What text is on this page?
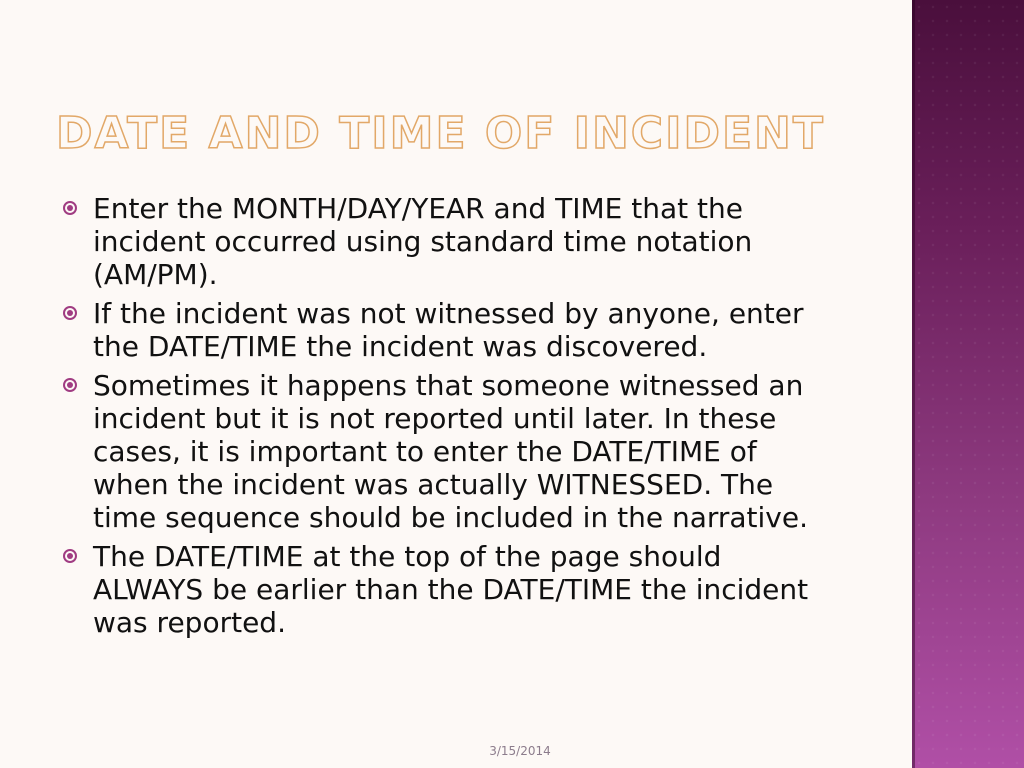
DATE AND TIME OF INCIDENT
Enter the MONTH/DAY/YEAR and TIME that the incident occurred using standard time notation (AM/PM).
If the incident was not witnessed by anyone, enter the DATE/TIME the incident was discovered.
Sometimes it happens that someone witnessed an incident but it is not reported until later. In these cases, it is important to enter the DATE/TIME of when the incident was actually WITNESSED. The time sequence should be included in the narrative.
The DATE/TIME at the top of the page should ALWAYS be earlier than the DATE/TIME the incident was reported.
3/15/2014
